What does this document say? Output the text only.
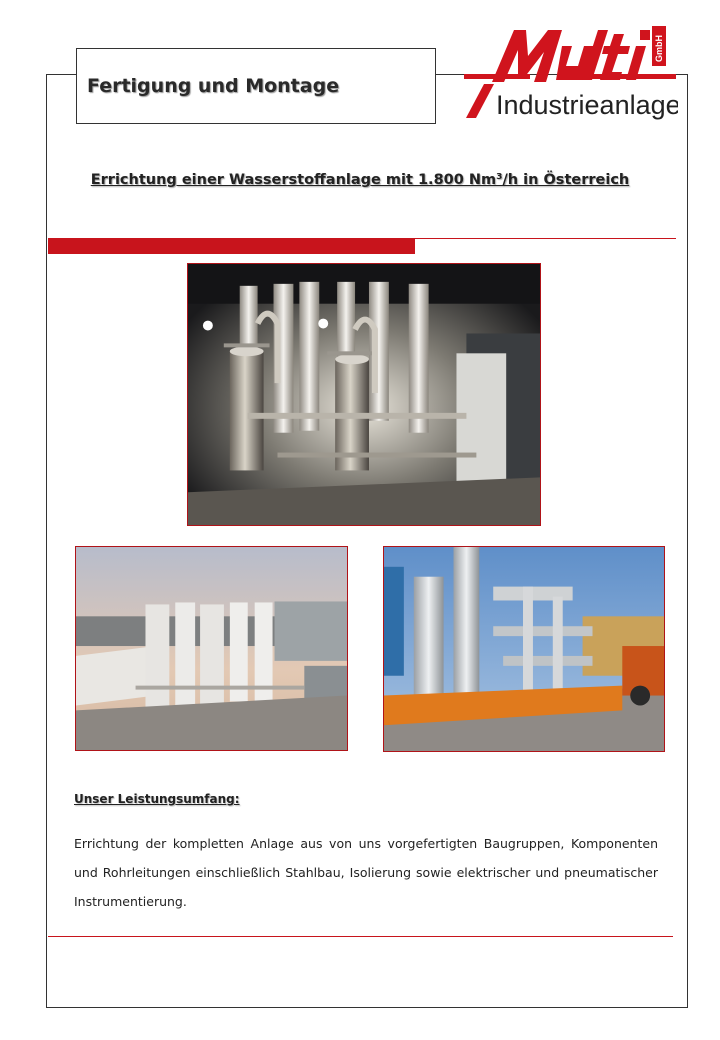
Fertigung und Montage
GmbH
Industrieanlagen
Errichtung einer Wasserstoffanlage mit 1.800 Nm³/h in Österreich
Unser Leistungsumfang:
Errichtung der kompletten Anlage aus von uns vorgefertigten Baugruppen, Komponenten und Rohrleitungen einschließlich Stahlbau, Isolierung sowie elektrischer und pneumatischer Instrumentierung.
